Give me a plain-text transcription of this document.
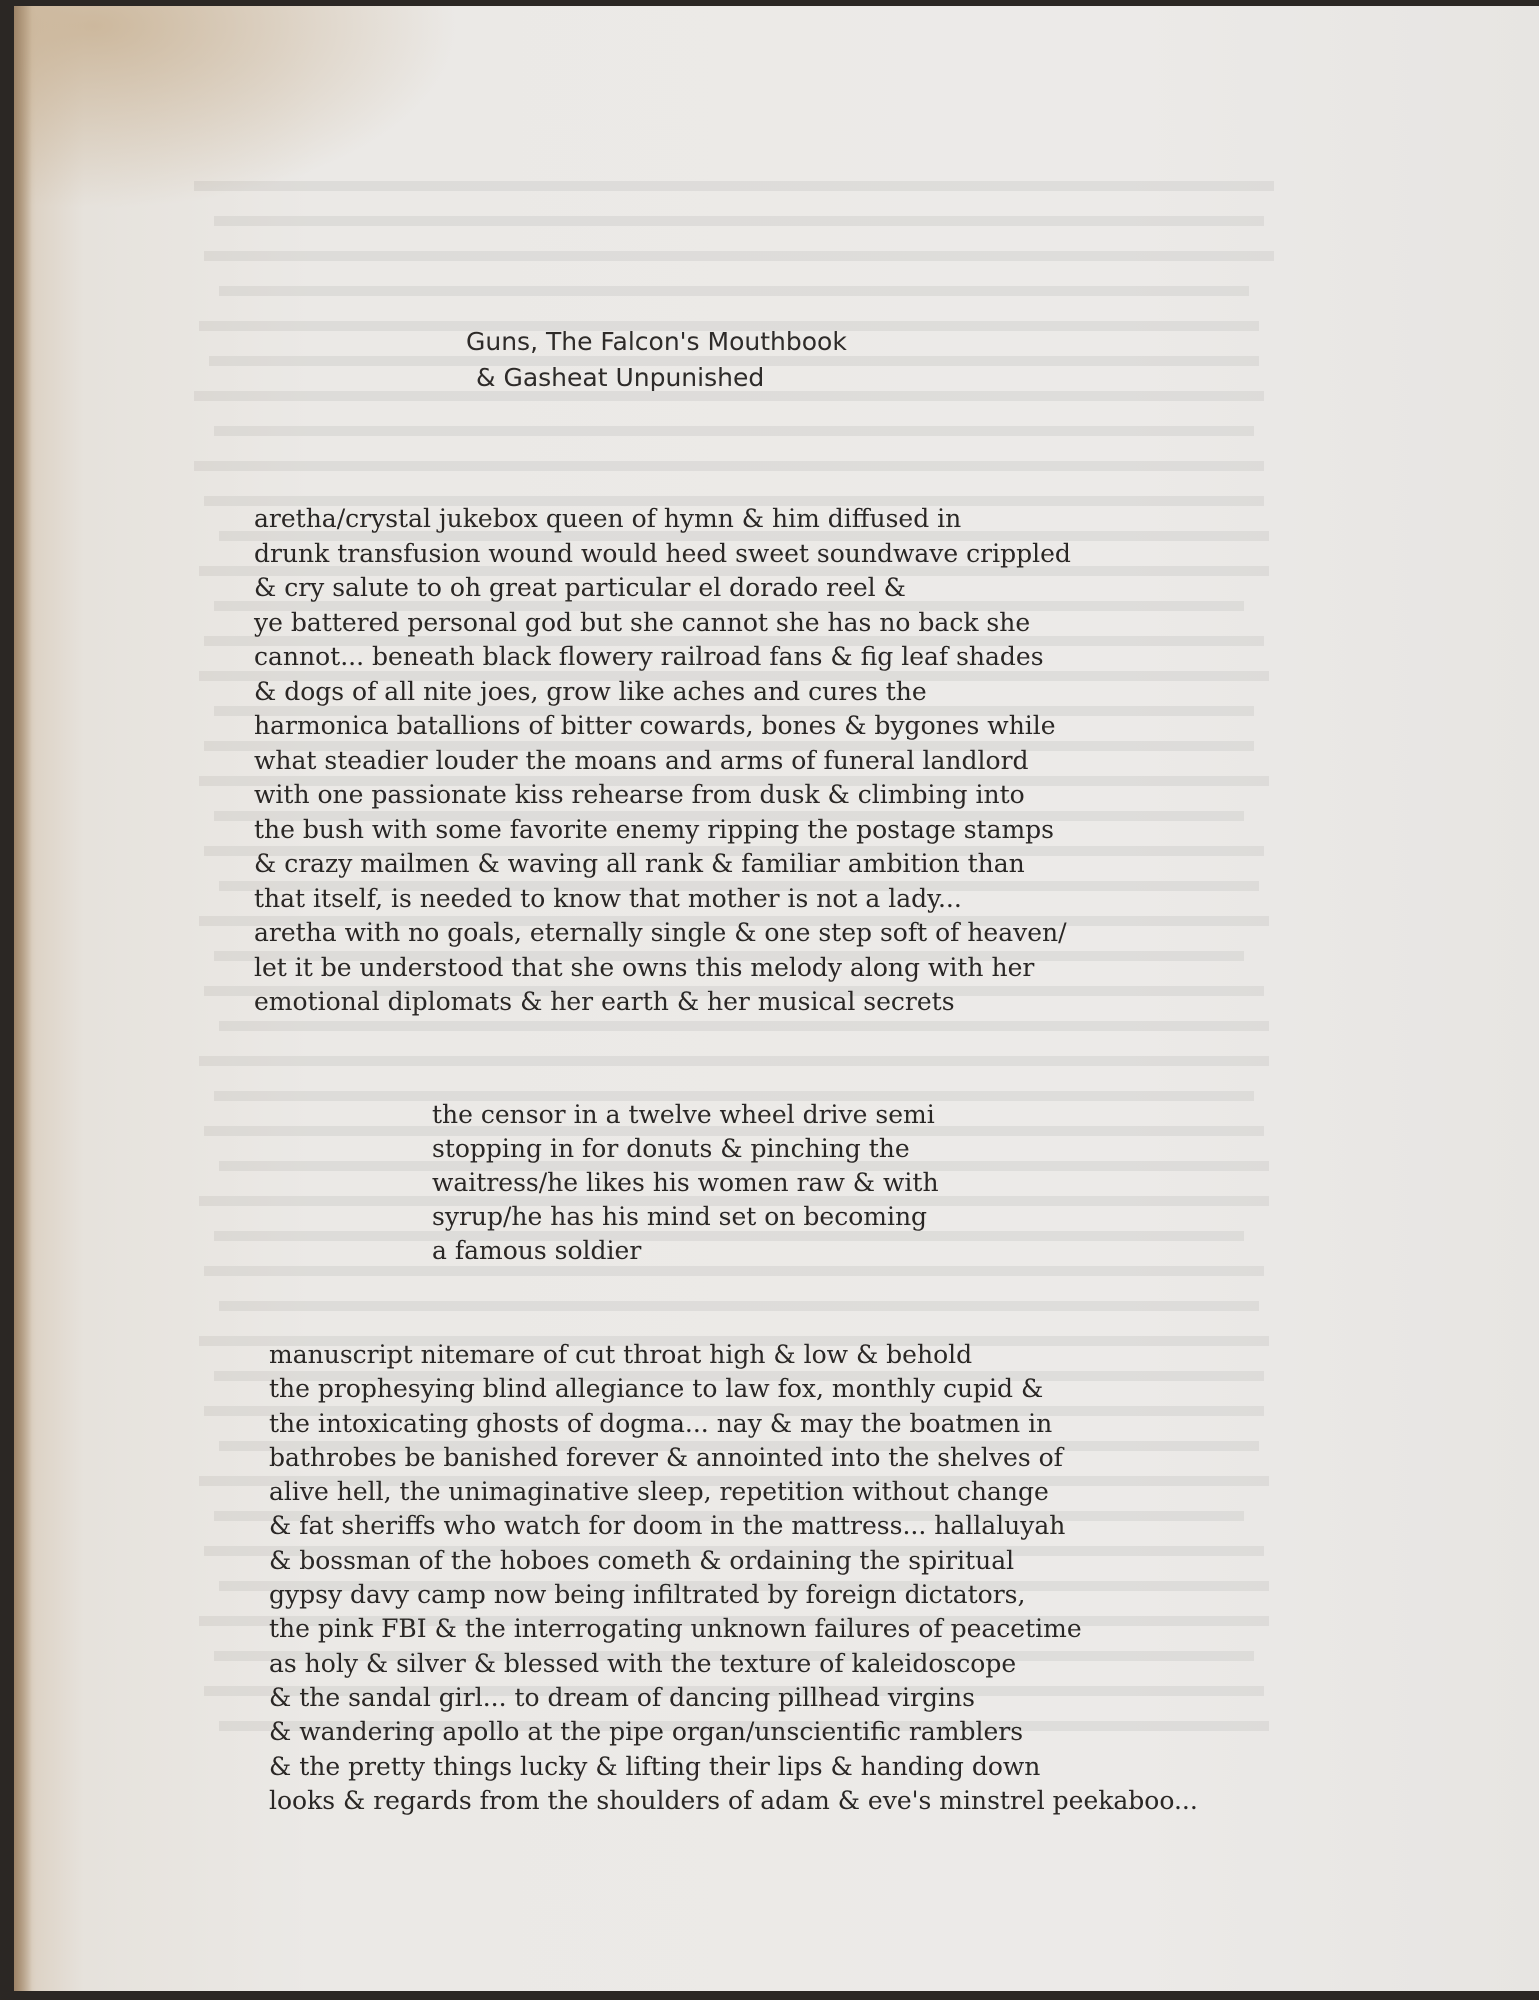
Guns, The Falcon's Mouthbook
& Gasheat Unpunished
aretha/crystal jukebox queen of hymn & him diffused in
drunk transfusion wound would heed sweet soundwave crippled
& cry salute to oh great particular el dorado reel &
ye battered personal god but she cannot she has no back she
cannot... beneath black flowery railroad fans & fig leaf shades
& dogs of all nite joes, grow like aches and cures the
harmonica batallions of bitter cowards, bones & bygones while
what steadier louder the moans and arms of funeral landlord
with one passionate kiss rehearse from dusk & climbing into
the bush with some favorite enemy ripping the postage stamps
& crazy mailmen & waving all rank & familiar ambition than
that itself, is needed to know that mother is not a lady...
aretha with no goals, eternally single & one step soft of heaven/
let it be understood that she owns this melody along with her
emotional diplomats & her earth & her musical secrets
the censor in a twelve wheel drive semi
stopping in for donuts & pinching the
waitress/he likes his women raw & with
syrup/he has his mind set on becoming
a famous soldier
manuscript nitemare of cut throat high & low & behold
the prophesying blind allegiance to law fox, monthly cupid &
the intoxicating ghosts of dogma... nay & may the boatmen in
bathrobes be banished forever & annointed into the shelves of
alive hell, the unimaginative sleep, repetition without change
& fat sheriffs who watch for doom in the mattress... hallaluyah
& bossman of the hoboes cometh & ordaining the spiritual
gypsy davy camp now being infiltrated by foreign dictators,
the pink FBI & the interrogating unknown failures of peacetime
as holy & silver & blessed with the texture of kaleidoscope
& the sandal girl... to dream of dancing pillhead virgins
& wandering apollo at the pipe organ/unscientific ramblers
& the pretty things lucky & lifting their lips & handing down
looks & regards from the shoulders of adam & eve's minstrel peekaboo...
